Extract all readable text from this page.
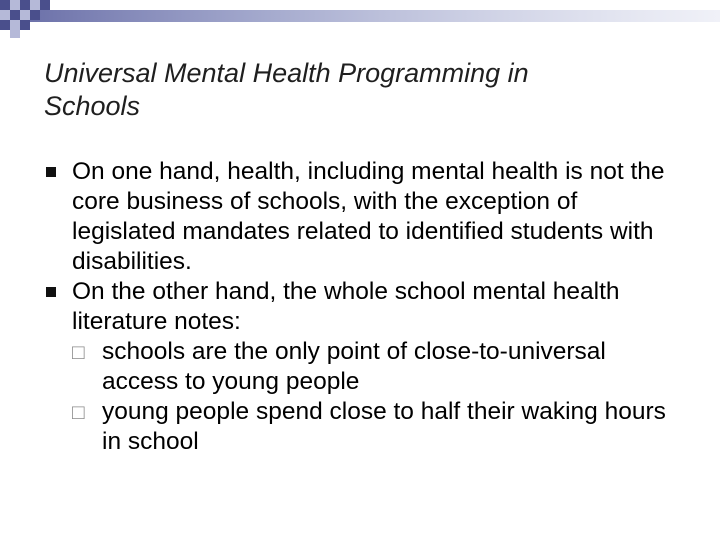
Universal Mental Health Programming in
Schools
On one hand, health, including mental health is not the core business of schools, with the exception of legislated mandates related to identified students with disabilities.
On the other hand, the whole school mental health literature notes:
□ schools are the only point of close-to-universal access to young people
□ young people spend close to half their waking hours in school
